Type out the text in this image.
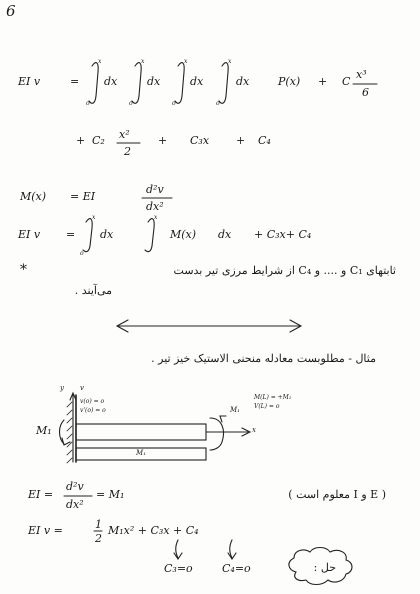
6
EI v	=
x
o
dx
x
o
dx
x
o
dx
x
o
dx	P(x) + C
x³
6
+ C₂ x²
2
+ C₃x + C₄
M(x) = EI
d²v
dx²
EI v =
x
o
dx
x
M(x) dx + C₃x+ C₄
*	ثابتهای C₁ و .... و C₄ از شرایط مرزی تیر بدست
می‌آیند .
مثال - مطلوبست معادله منحنی الاستیک خیز تیر .
y v
v(o) = o
v'(o) = o
M₁
M₁
M₁
M(L) = +M₁
V(L) = o
x
EI =
d²v
dx²
= M₁	( E و I معلوم است )
EI v =	1
2
M₁x² + C₃x + C₄
C₃=o	C₄=o	حل :
